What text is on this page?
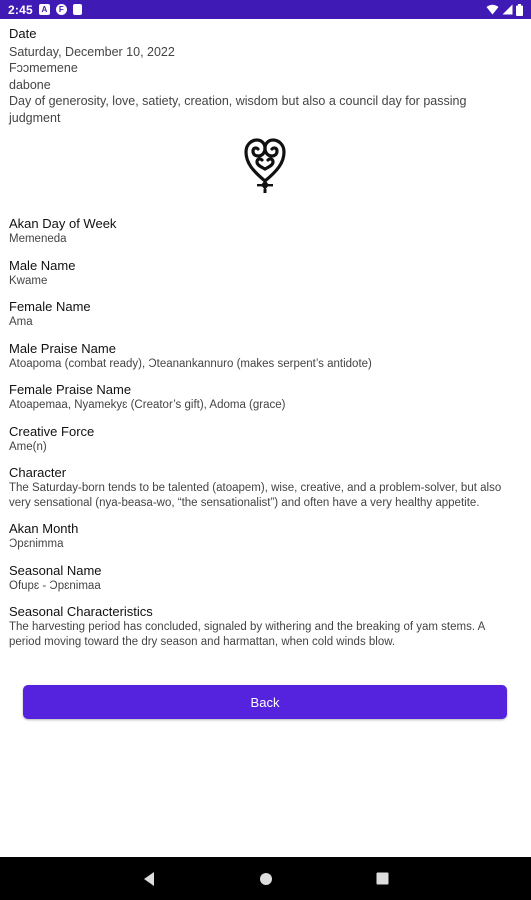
2:45	A	F
Date
Saturday, December 10, 2022
Fɔɔmemene
dabone
Day of generosity, love, satiety, creation, wisdom but also a council day for passing judgment
Akan Day of Week
Memeneda
Male Name
Kwame
Female Name
Ama
Male Praise Name
Atoapoma (combat ready), Ɔteanankannuro (makes serpent’s antidote)
Female Praise Name
Atoapemaa, Nyamekyɛ (Creator’s gift), Adoma (grace)
Creative Force
Ame(n)
Character
The Saturday-born tends to be talented (atoapem), wise, creative, and a problem-solver, but also very sensational (nya-beasa-wo, “the sensationalist”) and often have a very healthy appetite.
Akan Month
Ɔpɛnimma
Seasonal Name
Ofupɛ - Ɔpɛnimaa
Seasonal Characteristics
The harvesting period has concluded, signaled by withering and the breaking of yam stems. A period moving toward the dry season and harmattan, when cold winds blow.
Back
